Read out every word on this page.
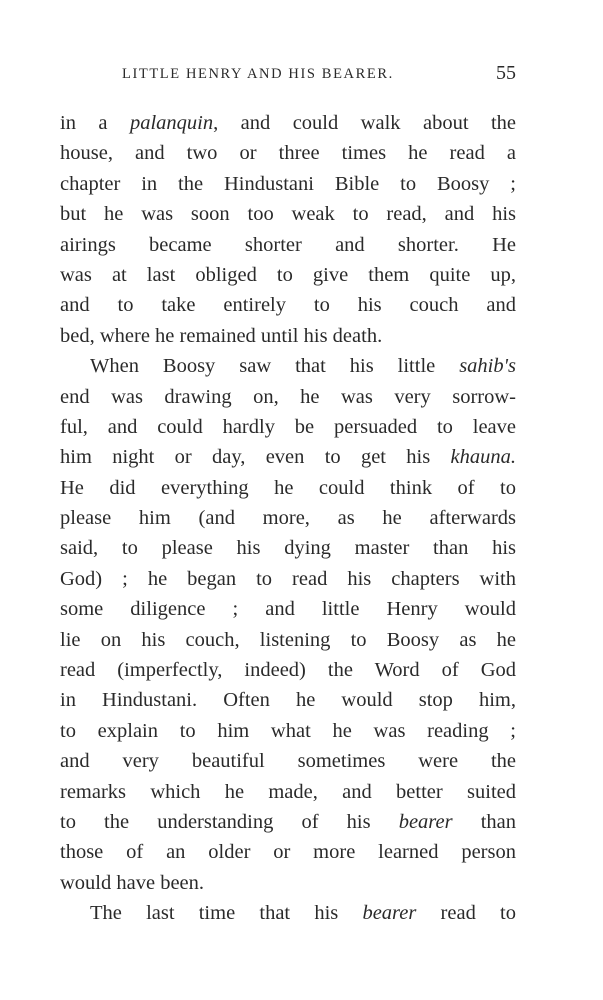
LITTLE HENRY AND HIS BEARER.	55
in a palanquin, and could walk about the
house, and two or three times he read a
chapter in the Hindustani Bible to Boosy ;
but he was soon too weak to read, and his
airings became shorter and shorter. He
was at last obliged to give them quite up,
and to take entirely to his couch and
bed, where he remained until his death.
When Boosy saw that his little sahib's
end was drawing on, he was very sorrow-
ful, and could hardly be persuaded to leave
him night or day, even to get his khauna.
He did everything he could think of to
please him (and more, as he afterwards
said, to please his dying master than his
God) ; he began to read his chapters with
some diligence ; and little Henry would
lie on his couch, listening to Boosy as he
read (imperfectly, indeed) the Word of God
in Hindustani. Often he would stop him,
to explain to him what he was reading ;
and very beautiful sometimes were the
remarks which he made, and better suited
to the understanding of his bearer than
those of an older or more learned person
would have been.
The last time that his bearer read to
